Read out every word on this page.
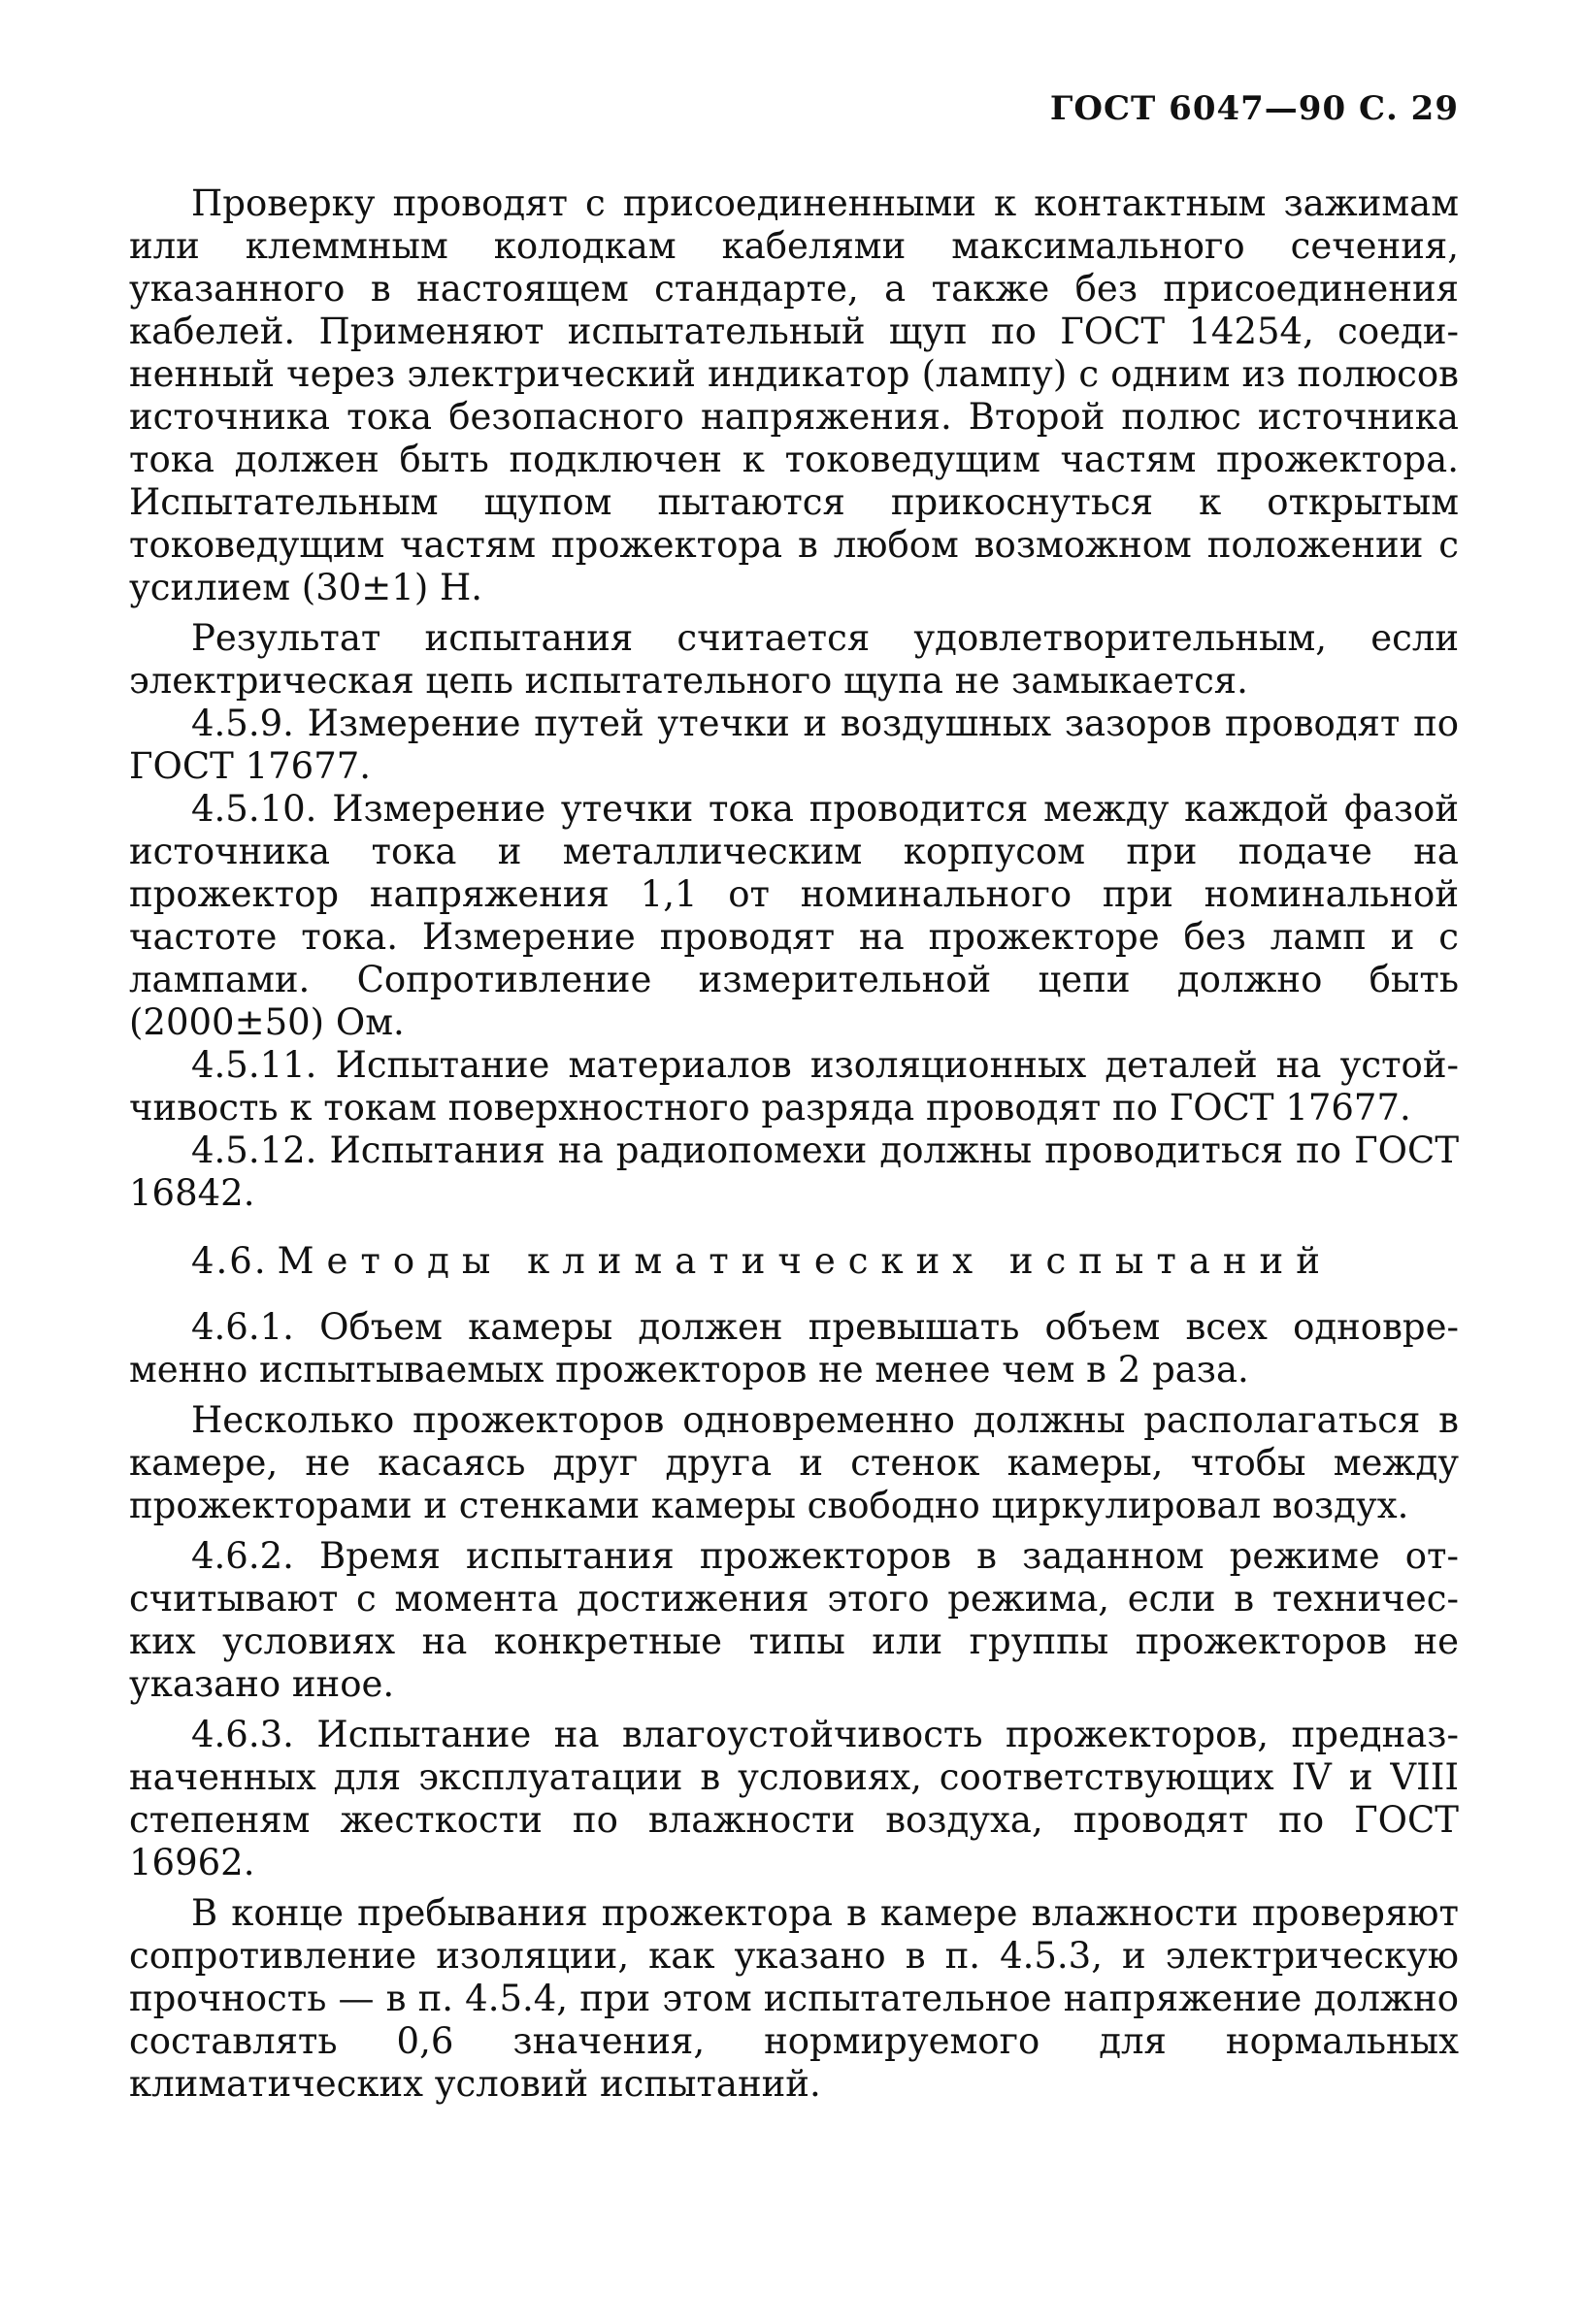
ГОСТ 6047—90 С. 29

Проверку проводят с присоединенными к контактным зажимам или клеммным колодкам кабелями максимального сечения, указанного в настоящем стандарте, а также без присоединения кабелей. Применяют испытательный щуп по ГОСТ 14254, соединенный через электрический индикатор (лампу) с одним из полюсов источника тока безопасного напряжения. Второй полюс источника тока должен быть подключен к токоведущим частям прожектора. Испытательным щупом пытаются прикоснуться к открытым токоведущим частям прожектора в любом возможном положении с усилием (30±1) Н.

Результат испытания считается удовлетворительным, если электрическая цепь испытательного щупа не замыкается.

4.5.9. Измерение путей утечки и воздушных зазоров проводят по ГОСТ 17677.

4.5.10. Измерение утечки тока проводится между каждой фазой источника тока и металлическим корпусом при подаче на прожектор напряжения 1,1 от номинального при номинальной частоте тока. Измерение проводят на прожекторе без ламп и с лампами. Сопротивление измерительной цепи должно быть (2000±50) Ом.

4.5.11. Испытание материалов изоляционных деталей на устойчивость к токам поверхностного разряда проводят по ГОСТ 17677.

4.5.12. Испытания на радиопомехи должны проводиться по ГОСТ 16842.

4.6. Методы климатических испытаний

4.6.1. Объем камеры должен превышать объем всех одновременно испытываемых прожекторов не менее чем в 2 раза.

Несколько прожекторов одновременно должны располагаться в камере, не касаясь друг друга и стенок камеры, чтобы между прожекторами и стенками камеры свободно циркулировал воздух.

4.6.2. Время испытания прожекторов в заданном режиме отсчитывают с момента достижения этого режима, если в технических условиях на конкретные типы или группы прожекторов не указано иное.

4.6.3. Испытание на влагоустойчивость прожекторов, предназначенных для эксплуатации в условиях, соответствующих IV и VIII степеням жесткости по влажности воздуха, проводят по ГОСТ 16962.

В конце пребывания прожектора в камере влажности проверяют сопротивление изоляции, как указано в п. 4.5.3, и электрическую прочность — в п. 4.5.4, при этом испытательное напряжение должно составлять 0,6 значения, нормируемого для нормальных климатических условий испытаний.
